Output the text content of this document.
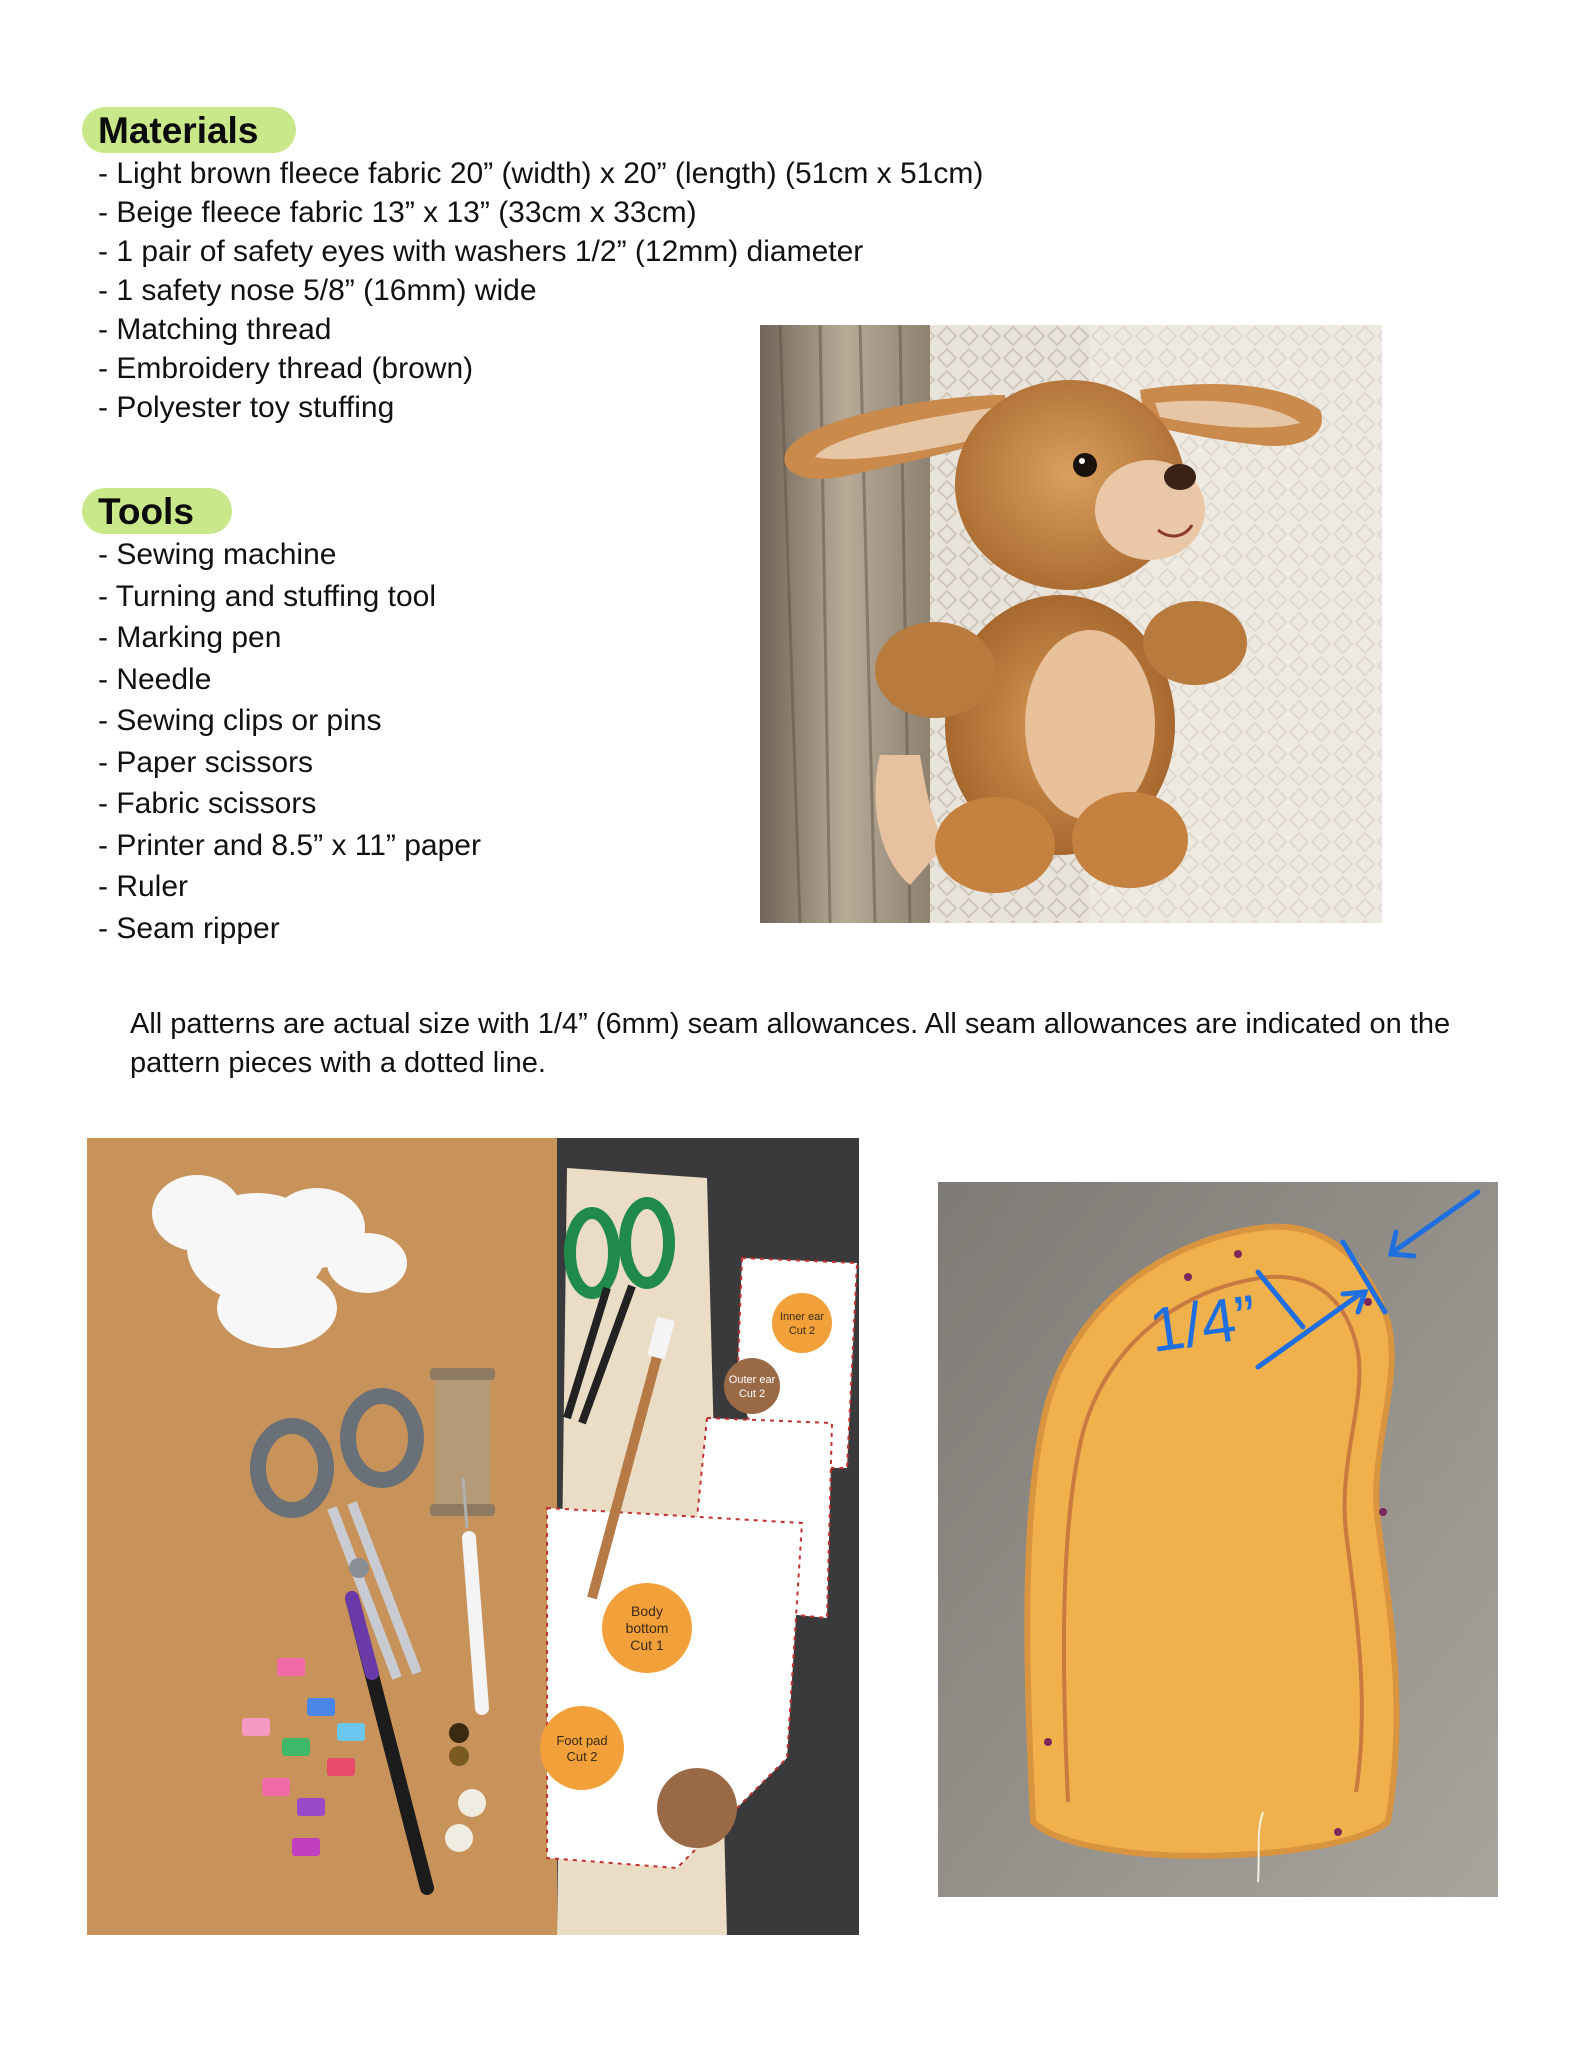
Materials
- Light brown fleece fabric 20” (width) x 20” (length) (51cm x 51cm)
- Beige fleece fabric 13” x 13” (33cm x 33cm)
- 1 pair of safety eyes with washers 1/2” (12mm) diameter
- 1 safety nose 5/8” (16mm) wide
- Matching thread
- Embroidery thread (brown)
- Polyester toy stuffing
Tools
- Sewing machine
- Turning and stuffing tool
- Marking pen
- Needle
- Sewing clips or pins
- Paper scissors
- Fabric scissors
- Printer and 8.5” x 11” paper
- Ruler
- Seam ripper

All patterns are actual size with 1/4” (6mm) seam allowances. All seam allowances are indicated on the pattern pieces with a dotted line.

Inner ear
Cut 2
Outer ear
Cut 2
Body
bottom
Cut 1
Foot pad
Cut 2
1/4”
